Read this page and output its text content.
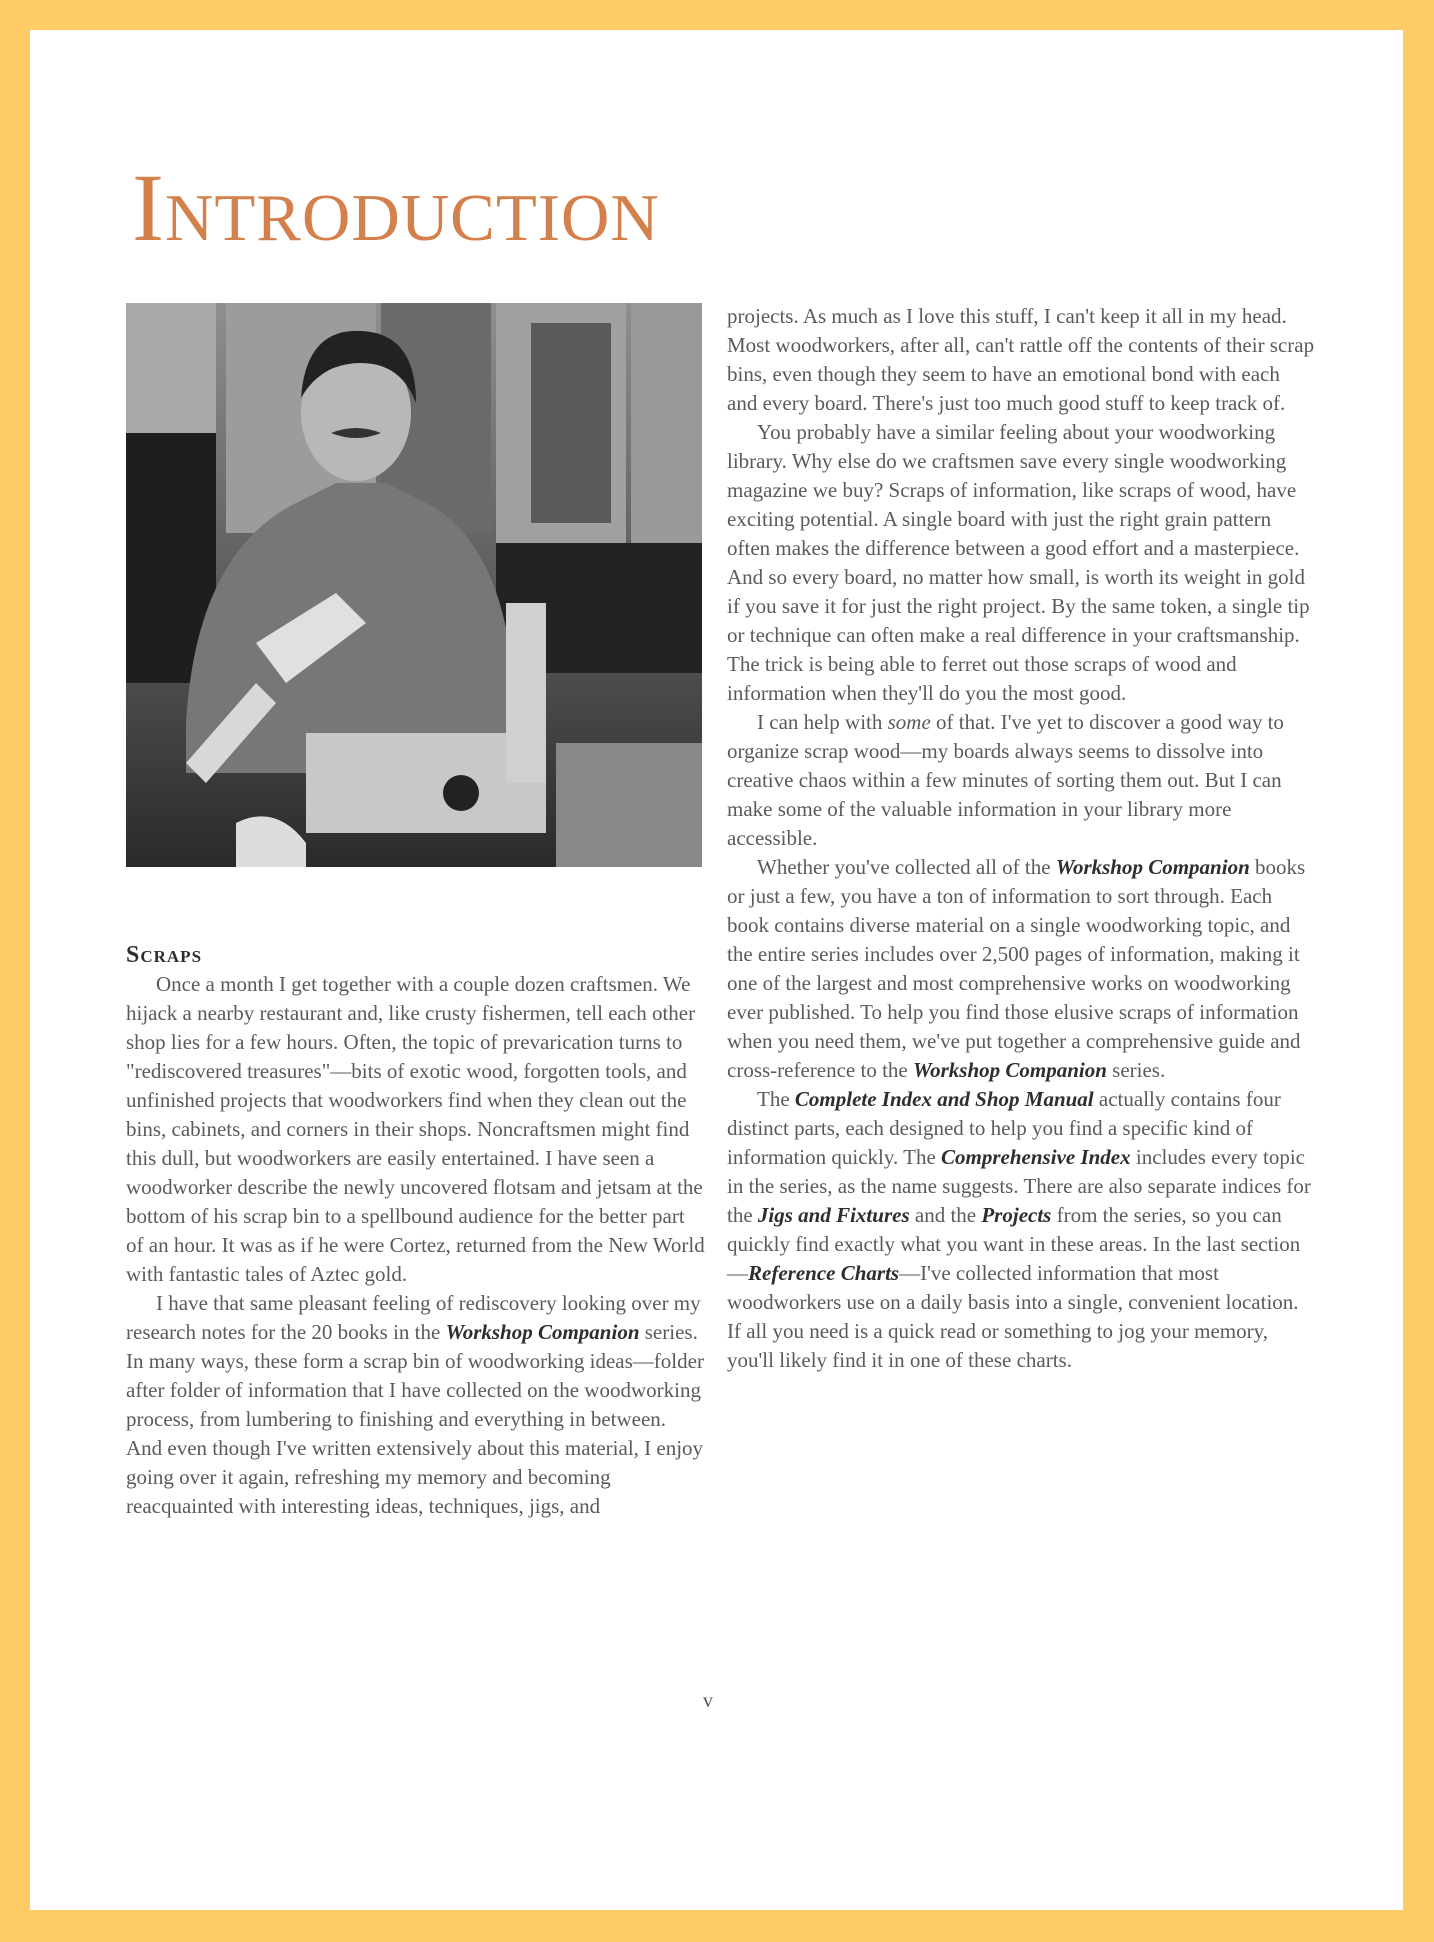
Introduction
Scraps

Once a month I get together with a couple dozen craftsmen. We hijack a nearby restaurant and, like crusty fishermen, tell each other shop lies for a few hours. Often, the topic of prevarication turns to "rediscovered treasures"—bits of exotic wood, forgotten tools, and unfinished projects that woodworkers find when they clean out the bins, cabinets, and corners in their shops. Noncraftsmen might find this dull, but woodworkers are easily entertained. I have seen a woodworker describe the newly uncovered flotsam and jetsam at the bottom of his scrap bin to a spellbound audience for the better part of an hour. It was as if he were Cortez, returned from the New World with fantastic tales of Aztec gold.

I have that same pleasant feeling of rediscovery looking over my research notes for the 20 books in the Workshop Companion series. In many ways, these form a scrap bin of woodworking ideas—folder after folder of information that I have collected on the woodworking process, from lumbering to finishing and everything in between. And even though I've written extensively about this material, I enjoy going over it again, refreshing my memory and becoming reacquainted with interesting ideas, techniques, jigs, and

projects. As much as I love this stuff, I can't keep it all in my head. Most woodworkers, after all, can't rattle off the contents of their scrap bins, even though they seem to have an emotional bond with each and every board. There's just too much good stuff to keep track of.

You probably have a similar feeling about your woodworking library. Why else do we craftsmen save every single woodworking magazine we buy? Scraps of information, like scraps of wood, have exciting potential. A single board with just the right grain pattern often makes the difference between a good effort and a masterpiece. And so every board, no matter how small, is worth its weight in gold if you save it for just the right project. By the same token, a single tip or technique can often make a real difference in your craftsmanship. The trick is being able to ferret out those scraps of wood and information when they'll do you the most good.

I can help with some of that. I've yet to discover a good way to organize scrap wood—my boards always seems to dissolve into creative chaos within a few minutes of sorting them out. But I can make some of the valuable information in your library more accessible.

Whether you've collected all of the Workshop Companion books or just a few, you have a ton of information to sort through. Each book contains diverse material on a single woodworking topic, and the entire series includes over 2,500 pages of information, making it one of the largest and most comprehensive works on woodworking ever published. To help you find those elusive scraps of information when you need them, we've put together a comprehensive guide and cross-reference to the Workshop Companion series.

The Complete Index and Shop Manual actually contains four distinct parts, each designed to help you find a specific kind of information quickly. The Comprehensive Index includes every topic in the series, as the name suggests. There are also separate indices for the Jigs and Fixtures and the Projects from the series, so you can quickly find exactly what you want in these areas. In the last section—Reference Charts—I've collected information that most woodworkers use on a daily basis into a single, convenient location. If all you need is a quick read or something to jog your memory, you'll likely find it in one of these charts.

v
